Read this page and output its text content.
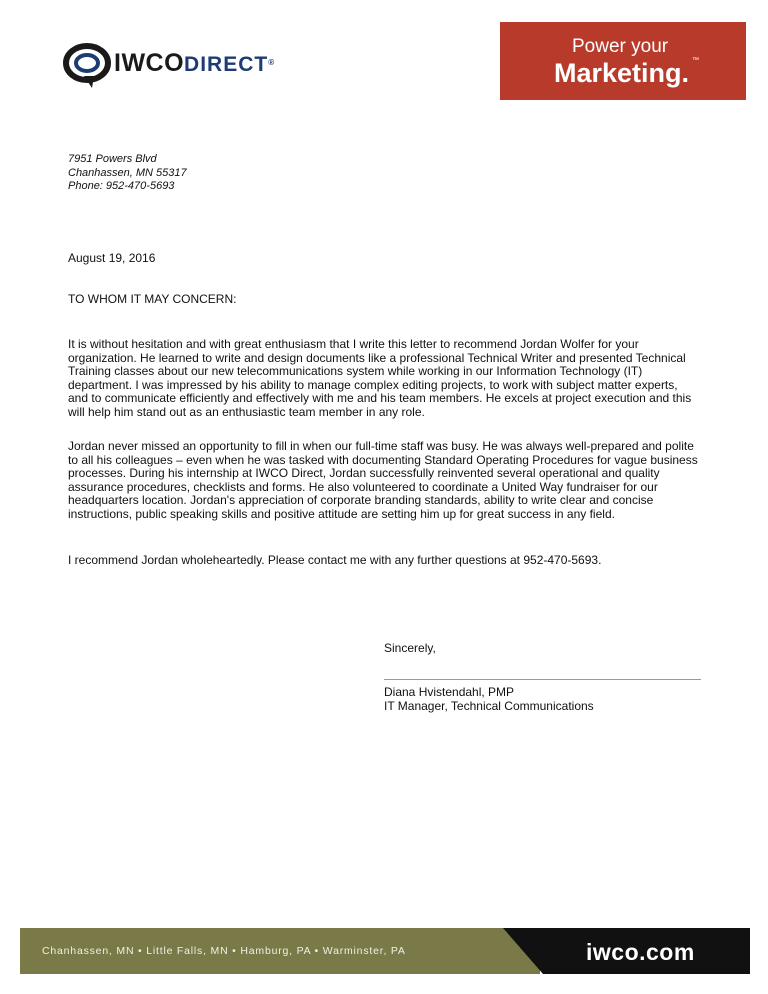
IWCODIRECT®
Power your
Marketing. ™
7951 Powers Blvd
Chanhassen, MN 55317
Phone: 952-470-5693
August 19, 2016
TO WHOM IT MAY CONCERN:
It is without hesitation and with great enthusiasm that I write this letter to recommend Jordan Wolfer for your organization. He learned to write and design documents like a professional Technical Writer and presented Technical Training classes about our new telecommunications system while working in our Information Technology (IT) department. I was impressed by his ability to manage complex editing projects, to work with subject matter experts, and to communicate efficiently and effectively with me and his team members. He excels at project execution and this will help him stand out as an enthusiastic team member in any role.
Jordan never missed an opportunity to fill in when our full-time staff was busy. He was always well-prepared and polite to all his colleagues – even when he was tasked with documenting Standard Operating Procedures for vague business processes. During his internship at IWCO Direct, Jordan successfully reinvented several operational and quality assurance procedures, checklists and forms. He also volunteered to coordinate a United Way fundraiser for our headquarters location. Jordan's appreciation of corporate branding standards, ability to write clear and concise instructions, public speaking skills and positive attitude are setting him up for great success in any field.
I recommend Jordan wholeheartedly. Please contact me with any further questions at 952-470-5693.
Sincerely,
Diana Hvistendahl, PMP
IT Manager, Technical Communications
Chanhassen, MN • Little Falls, MN • Hamburg, PA • Warminster, PA	iwco.com
